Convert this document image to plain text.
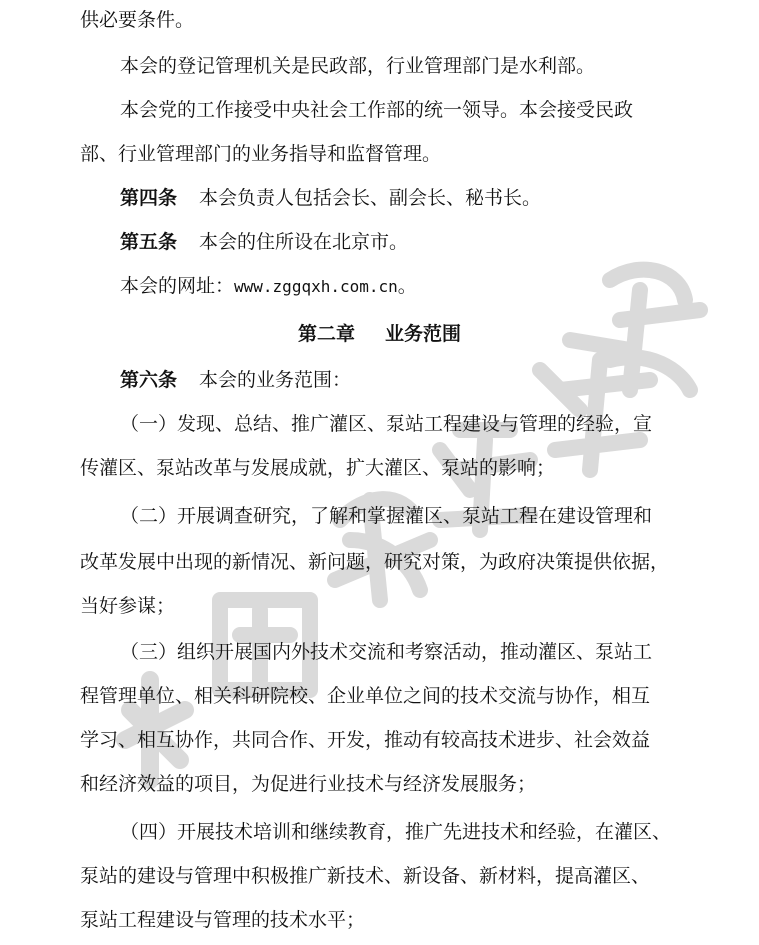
供必要条件。
本会的登记管理机关是民政部，行业管理部门是水利部。
本会党的工作接受中央社会工作部的统一领导。本会接受民政
部、行业管理部门的业务指导和监督管理。
第四条 本会负责人包括会长、副会长、秘书长。
第五条 本会的住所设在北京市。
本会的网址：www.zggqxh.com.cn。
第二章 业务范围
第六条 本会的业务范围：
（一）发现、总结、推广灌区、泵站工程建设与管理的经验，宣
传灌区、泵站改革与发展成就，扩大灌区、泵站的影响；
（二）开展调查研究，了解和掌握灌区、泵站工程在建设管理和
改革发展中出现的新情况、新问题，研究对策，为政府决策提供依据，
当好参谋；
（三）组织开展国内外技术交流和考察活动，推动灌区、泵站工
程管理单位、相关科研院校、企业单位之间的技术交流与协作，相互
学习、相互协作，共同合作、开发，推动有较高技术进步、社会效益
和经济效益的项目，为促进行业技术与经济发展服务；
（四）开展技术培训和继续教育，推广先进技术和经验，在灌区、
泵站的建设与管理中积极推广新技术、新设备、新材料，提高灌区、
泵站工程建设与管理的技术水平；
